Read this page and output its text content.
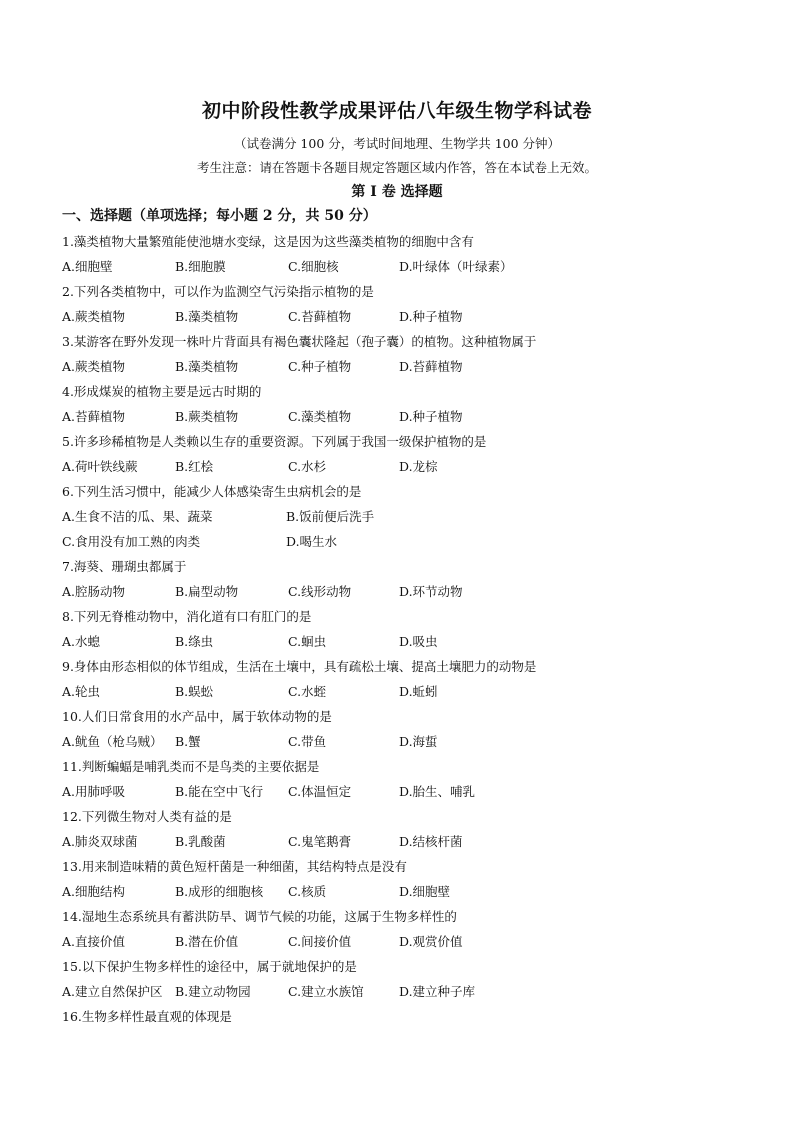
初中阶段性教学成果评估八年级生物学科试卷
（试卷满分 100 分，考试时间地理、生物学共 100 分钟）
考生注意：请在答题卡各题目规定答题区域内作答，答在本试卷上无效。
第 I 卷 选择题
一、选择题（单项选择；每小题 2 分，共 50 分）
1.藻类植物大量繁殖能使池塘水变绿，这是因为这些藻类植物的细胞中含有
A.细胞壁	B.细胞膜	C.细胞核	D.叶绿体（叶绿素）
2.下列各类植物中，可以作为监测空气污染指示植物的是
A.蕨类植物	B.藻类植物	C.苔藓植物	D.种子植物
3.某游客在野外发现一株叶片背面具有褐色囊状隆起（孢子囊）的植物。这种植物属于
A.蕨类植物	B.藻类植物	C.种子植物	D.苔藓植物
4.形成煤炭的植物主要是远古时期的
A.苔藓植物	B.蕨类植物	C.藻类植物	D.种子植物
5.许多珍稀植物是人类赖以生存的重要资源。下列属于我国一级保护植物的是
A.荷叶铁线蕨	B.红桧	C.水杉	D.龙棕
6.下列生活习惯中，能减少人体感染寄生虫病机会的是
A.生食不洁的瓜、果、蔬菜	B.饭前便后洗手
C.食用没有加工熟的肉类	D.喝生水
7.海葵、珊瑚虫都属于
A.腔肠动物	B.扁型动物	C.线形动物	D.环节动物
8.下列无脊椎动物中，消化道有口有肛门的是
A.水螅	B.绦虫	C.蛔虫	D.吸虫
9.身体由形态相似的体节组成，生活在土壤中，具有疏松土壤、提高土壤肥力的动物是
A.轮虫	B.蜈蚣	C.水蛭	D.蚯蚓
10.人们日常食用的水产品中，属于软体动物的是
A.鱿鱼（枪乌贼） B.蟹	C.带鱼	D.海蜇
11.判断蝙蝠是哺乳类而不是鸟类的主要依据是
A.用肺呼吸	B.能在空中飞行 C.体温恒定	D.胎生、哺乳
12.下列微生物对人类有益的是
A.肺炎双球菌	B.乳酸菌	C.鬼笔鹅膏	D.结核杆菌
13.用来制造味精的黄色短杆菌是一种细菌，其结构特点是没有
A.细胞结构	B.成形的细胞核 C.核质	D.细胞壁
14.湿地生态系统具有蓄洪防旱、调节气候的功能，这属于生物多样性的
A.直接价值	B.潜在价值	C.间接价值	D.观赏价值
15.以下保护生物多样性的途径中，属于就地保护的是
A.建立自然保护区 B.建立动物园	C.建立水族馆	D.建立种子库
16.生物多样性最直观的体现是
